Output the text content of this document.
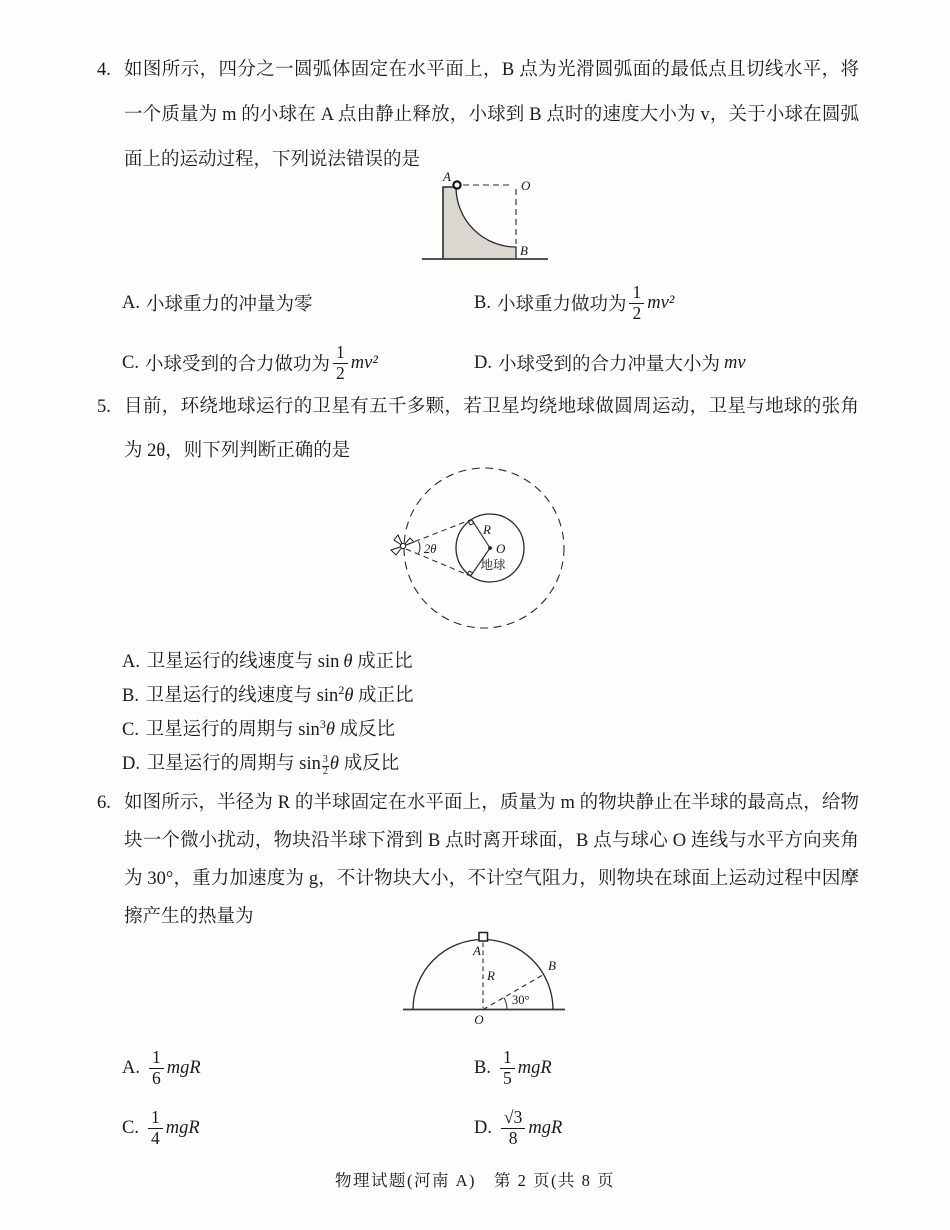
4. 如图所示，四分之一圆弧体固定在水平面上，B 点为光滑圆弧面的最低点且切线水平，将一个质量为 m 的小球在 A 点由静止释放，小球到 B 点时的速度大小为 v，关于小球在圆弧面上的运动过程，下列说法错误的是

A
O
B
A. 小球重力的冲量为零	B. 小球重力做功为 $\frac{1}{2} mv^2$
C. 小球受到的合力做功为 $\frac{1}{2} mv^2$	D. 小球受到的合力冲量大小为 mv
5. 目前，环绕地球运行的卫星有五千多颗，若卫星均绕地球做圆周运动，卫星与地球的张角为 2θ，则下列判断正确的是

2θ
R
O
地球
A. 卫星运行的线速度与 sin θ 成正比
B. 卫星运行的线速度与 $\sin^2\theta$ 成正比
C. 卫星运行的周期与 $\sin^3\theta$ 成反比
D. 卫星运行的周期与 $\sin \frac{3}{2}$ θ 成反比
6. 如图所示，半径为 R 的半球固定在水平面上，质量为 m 的物块静止在半球的最高点，给物块一个微小扰动，物块沿半球下滑到 B 点时离开球面，B 点与球心 O 连线与水平方向夹角为 30°，重力加速度为 g，不计物块大小，不计空气阻力，则物块在球面上运动过程中因摩擦产生的热量为

A
R
B
30°
O
A. $\frac{1}{6}$ mgR	B. $\frac{1}{5}$ mgR
C. $\frac{1}{4}$ mgR	D. $\frac{√3}{8}$ mgR
物理试题(河南 A)　第 2 页(共 8 页
